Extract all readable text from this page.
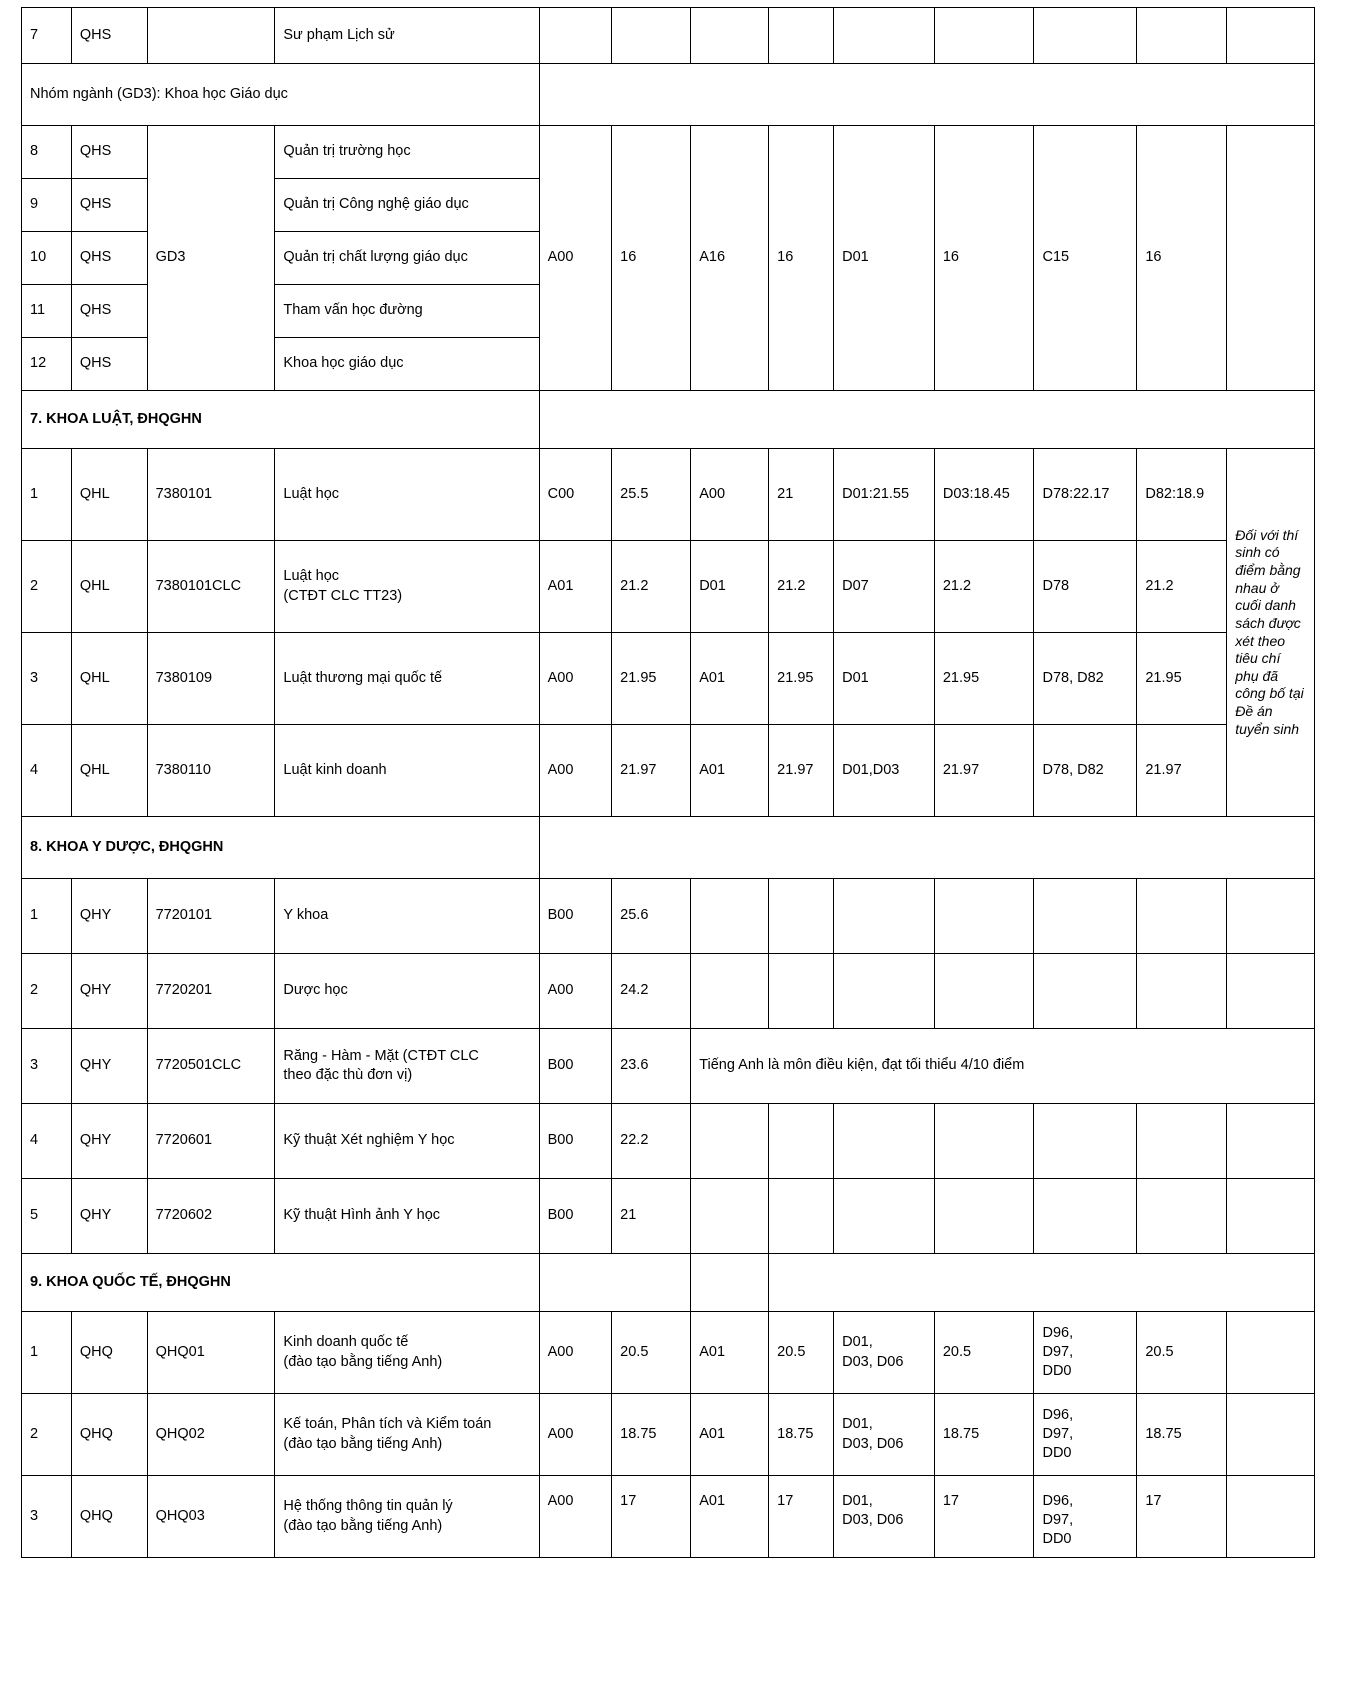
7	QHS		Sư phạm Lịch sử									
Nhóm ngành (GD3): Khoa học Giáo dục												
8	QHS	GD3	Quản trị trường học	A00	16	A16	16	D01	16	C15	16	
9	QHS		Quản trị Công nghệ giáo dục									
10	QHS		Quản trị chất lượng giáo dục									
11	QHS		Tham vấn học đường									
12	QHS		Khoa học giáo dục									
7. KHOA LUẬT, ĐHQGHN												
1	QHL	7380101	Luật học	C00	25.5	A00	21	D01:21.55	D03:18.45	D78:22.17	D82:18.9	Đối với thí sinh có điểm bằng nhau ở cuối danh sách được xét theo tiêu chí phụ đã công bố tại Đề án tuyển sinh
2	QHL	7380101CLC	Luật học
(CTĐT CLC TT23)	A01	21.2	D01	21.2	D07	21.2	D78	21.2	
3	QHL	7380109	Luật thương mại quốc tế	A00	21.95	A01	21.95	D01	21.95	D78, D82	21.95	
4	QHL	7380110	Luật kinh doanh	A00	21.97	A01	21.97	D01,D03	21.97	D78, D82	21.97	
8. KHOA Y DƯỢC, ĐHQGHN												
1	QHY	7720101	Y khoa	B00	25.6							
2	QHY	7720201	Dược học	A00	24.2							
3	QHY	7720501CLC	Răng - Hàm - Mặt (CTĐT CLC
theo đặc thù đơn vị)	B00	23.6	Tiếng Anh là môn điều kiện, đạt tối thiểu 4/10 điểm						
4	QHY	7720601	Kỹ thuật Xét nghiệm Y học	B00	22.2							
5	QHY	7720602	Kỹ thuật Hình ảnh Y học	B00	21							
9. KHOA QUỐC TẾ, ĐHQGHN												
1	QHQ	QHQ01	Kinh doanh quốc tế
(đào tạo bằng tiếng Anh)	A00	20.5	A01	20.5	D01,
D03, D06	20.5	D96,
D97,
DD0	20.5	
2	QHQ	QHQ02	Kế toán, Phân tích và Kiểm toán
(đào tạo bằng tiếng Anh)	A00	18.75	A01	18.75	D01,
D03, D06	18.75	D96,
D97,
DD0	18.75	
3	QHQ	QHQ03	Hệ thống thông tin quản lý
(đào tạo bằng tiếng Anh)	A00	17	A01	17	D01,
D03, D06	17	D96,
D97,
DD0	17	
